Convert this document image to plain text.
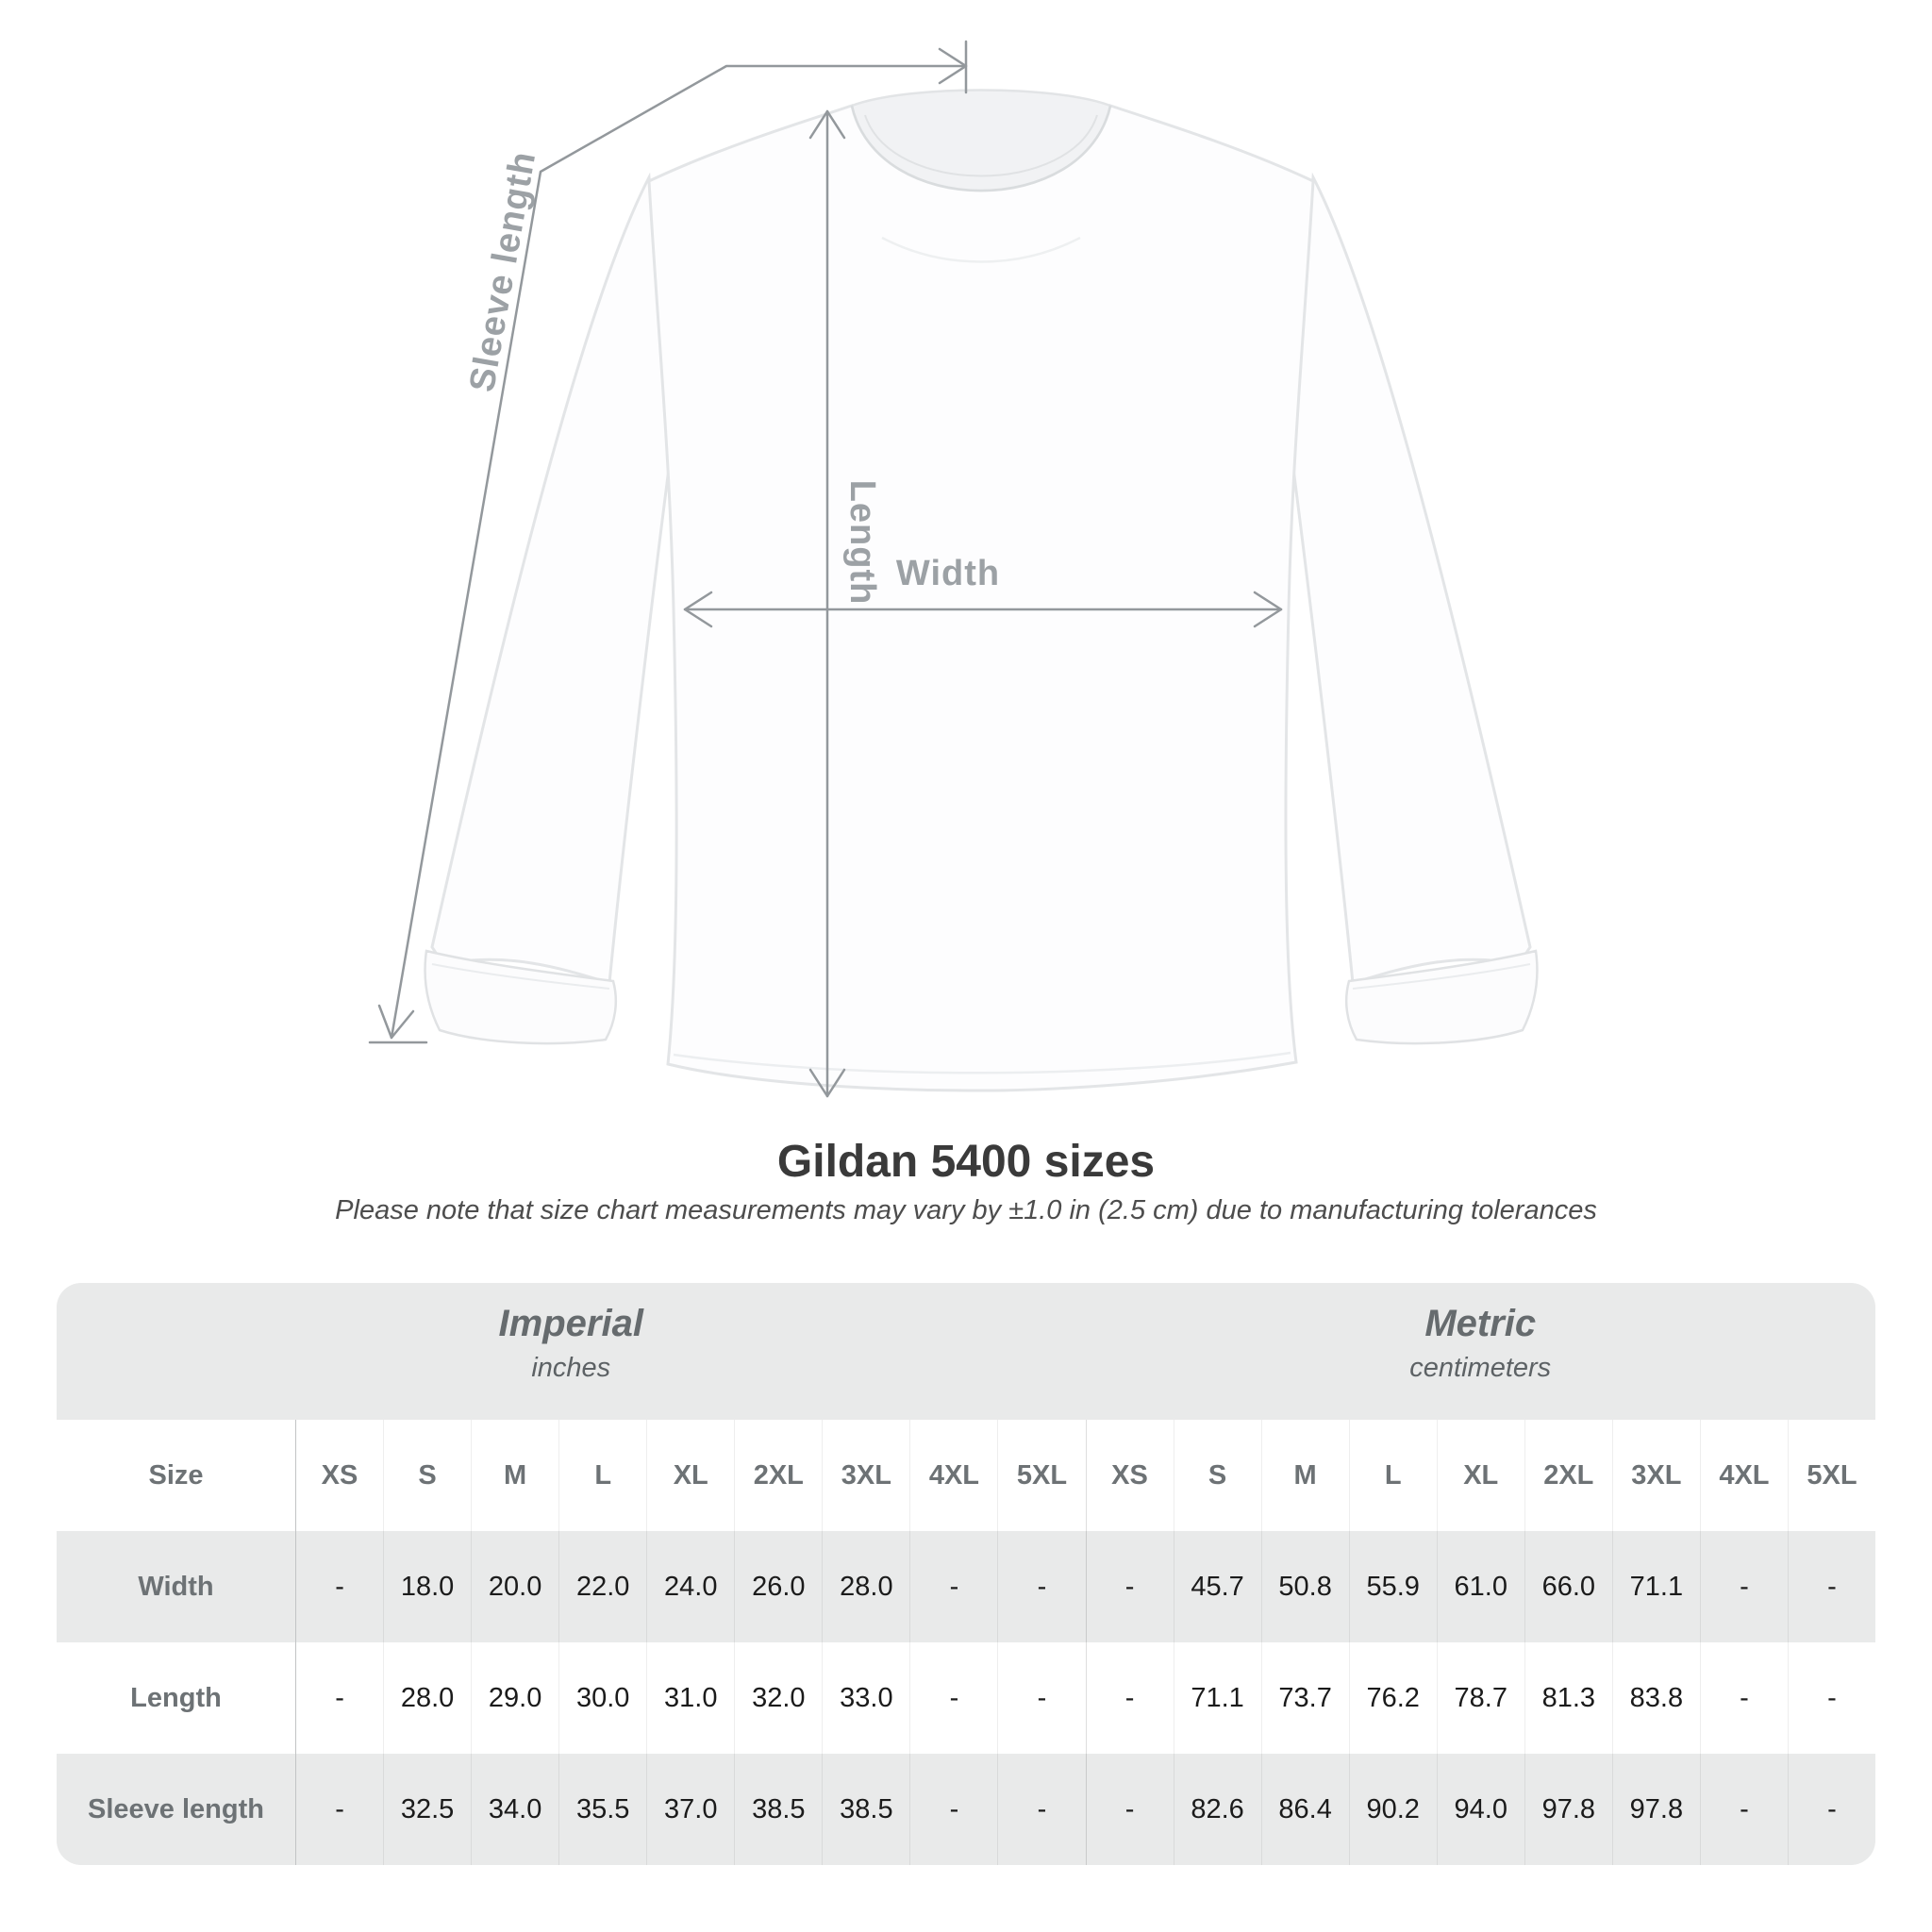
Sleeve length
Length Width
Gildan 5400 sizes
Please note that size chart measurements may vary by ±1.0 in (2.5 cm) due to manufacturing tolerances
Imperial
inches
Metric
centimeters
Size	XS	S	M	L	XL	2XL	3XL	4XL	5XL	XS	S	M	L	XL	2XL	3XL	4XL	5XL
Width	-	18.0	20.0	22.0	24.0	26.0	28.0	-	-	-	45.7	50.8	55.9	61.0	66.0	71.1	-	-
Length	-	28.0	29.0	30.0	31.0	32.0	33.0	-	-	-	71.1	73.7	76.2	78.7	81.3	83.8	-	-
Sleeve length	-	32.5	34.0	35.5	37.0	38.5	38.5	-	-	-	82.6	86.4	90.2	94.0	97.8	97.8	-	-
